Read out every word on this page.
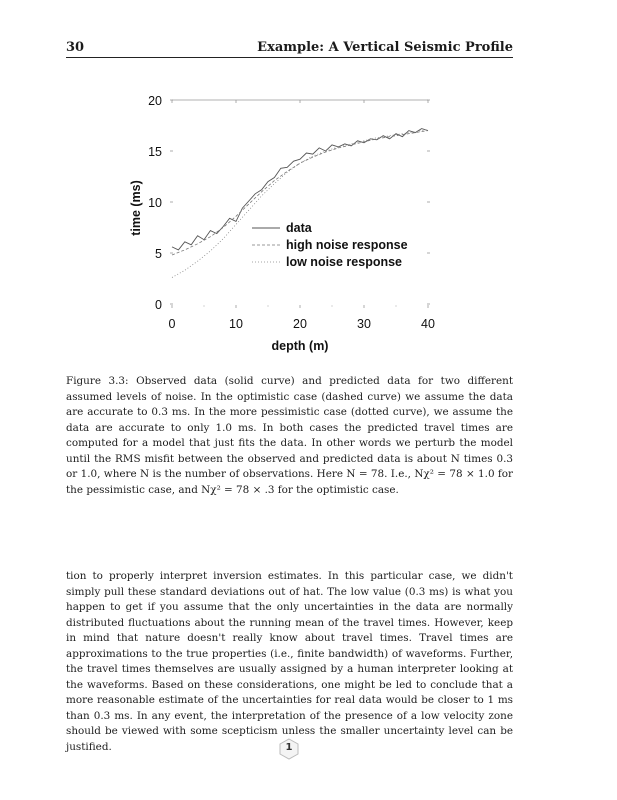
30	Example: A Vertical Seismic Profile
0
5
10
15
20
0	10	20	30	40
data
high noise response
low noise response
depth (m)
time (ms)

Figure 3.3: Observed data (solid curve) and predicted data for two different assumed levels of noise. In the optimistic case (dashed curve) we assume the data are accurate to 0.3 ms. In the more pessimistic case (dotted curve), we assume the data are accurate to only 1.0 ms. In both cases the predicted travel times are computed for a model that just fits the data. In other words we perturb the model until the RMS misfit between the observed and predicted data is about N times 0.3 or 1.0, where N is the number of observations. Here N = 78. I.e., Nχ² = 78 × 1.0 for the pessimistic case, and Nχ² = 78 × .3 for the optimistic case.

tion to properly interpret inversion estimates. In this particular case, we didn't simply pull these standard deviations out of hat. The low value (0.3 ms) is what you happen to get if you assume that the only uncertainties in the data are normally distributed fluctuations about the running mean of the travel times. However, keep in mind that nature doesn't really know about travel times. Travel times are approximations to the true properties (i.e., finite bandwidth) of waveforms. Further, the travel times themselves are usually assigned by a human interpreter looking at the waveforms. Based on these considerations, one might be led to conclude that a more reasonable estimate of the uncertainties for real data would be closer to 1 ms than 0.3 ms. In any event, the interpretation of the presence of a low velocity zone should be viewed with some scepticism unless the smaller uncertainty level can be justified.	1
